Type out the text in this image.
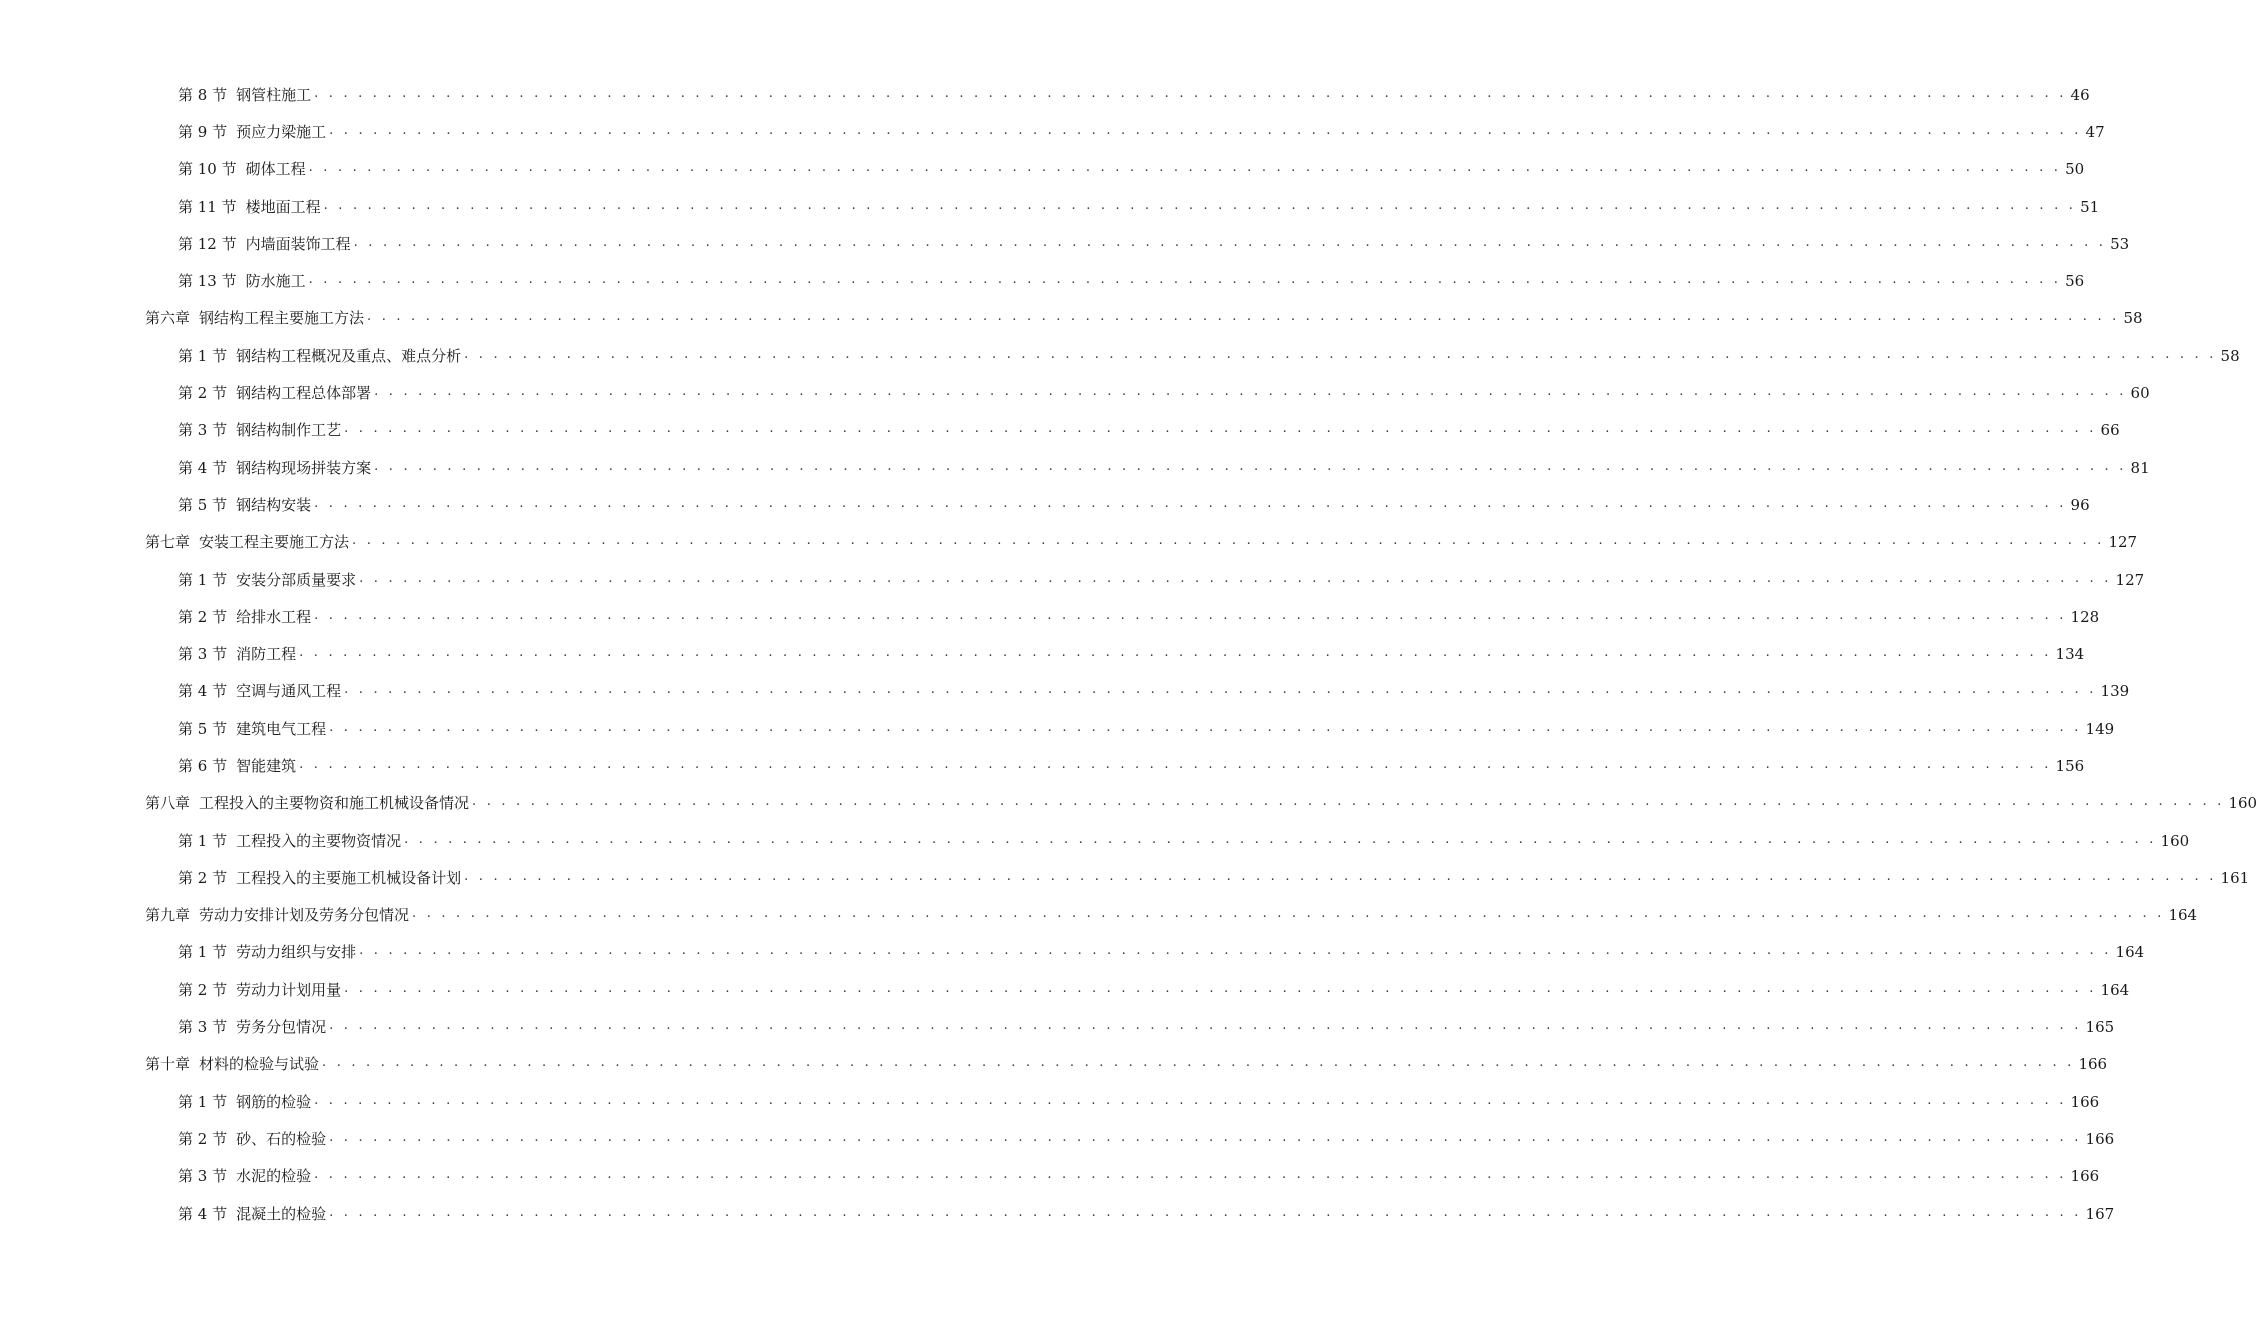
第 8 节 钢管柱施工 . . . . . . . . . . . . . . . . . . . . . . . . . . . . . . . . . . . . . . . . . . . . . . . . . . . . . . . . . . . . . . . . . . . . . . . . . . . . . . . . . . . . . . . . . . . . . . . . . . . . . . . . . . . . . . . . . . . . . . . . 46
第 9 节 预应力梁施工 . . . . . . . . . . . . . . . . . . . . . . . . . . . . . . . . . . . . . . . . . . . . . . . . . . . . . . . . . . . . . . . . . . . . . . . . . . . . . . . . . . . . . . . . . . . . . . . . . . . . . . . . . . . . . . . . . . . . . . . . 47
第 10 节 砌体工程 . . . . . . . . . . . . . . . . . . . . . . . . . . . . . . . . . . . . . . . . . . . . . . . . . . . . . . . . . . . . . . . . . . . . . . . . . . . . . . . . . . . . . . . . . . . . . . . . . . . . . . . . . . . . . . . . . . . . . . . . 50
第 11 节 楼地面工程 . . . . . . . . . . . . . . . . . . . . . . . . . . . . . . . . . . . . . . . . . . . . . . . . . . . . . . . . . . . . . . . . . . . . . . . . . . . . . . . . . . . . . . . . . . . . . . . . . . . . . . . . . . . . . . . . . . . . . . . . 51
第 12 节 内墙面装饰工程 . . . . . . . . . . . . . . . . . . . . . . . . . . . . . . . . . . . . . . . . . . . . . . . . . . . . . . . . . . . . . . . . . . . . . . . . . . . . . . . . . . . . . . . . . . . . . . . . . . . . . . . . . . . . . . . . . . . . . . . . 53
第 13 节 防水施工 . . . . . . . . . . . . . . . . . . . . . . . . . . . . . . . . . . . . . . . . . . . . . . . . . . . . . . . . . . . . . . . . . . . . . . . . . . . . . . . . . . . . . . . . . . . . . . . . . . . . . . . . . . . . . . . . . . . . . . . . 56
第六章 钢结构工程主要施工方法 . . . . . . . . . . . . . . . . . . . . . . . . . . . . . . . . . . . . . . . . . . . . . . . . . . . . . . . . . . . . . . . . . . . . . . . . . . . . . . . . . . . . . . . . . . . . . . . . . . . . . . . . . . . . . . . . . . . . . . . . 58
第 1 节 钢结构工程概况及重点、难点分析 . . . . . . . . . . . . . . . . . . . . . . . . . . . . . . . . . . . . . . . . . . . . . . . . . . . . . . . . . . . . . . . . . . . . . . . . . . . . . . . . . . . . . . . . . . . . . . . . . . . . . . . . . . . . . . . . . . . . . . . . 58
第 2 节 钢结构工程总体部署 . . . . . . . . . . . . . . . . . . . . . . . . . . . . . . . . . . . . . . . . . . . . . . . . . . . . . . . . . . . . . . . . . . . . . . . . . . . . . . . . . . . . . . . . . . . . . . . . . . . . . . . . . . . . . . . . . . . . . . . . 60
第 3 节 钢结构制作工艺 . . . . . . . . . . . . . . . . . . . . . . . . . . . . . . . . . . . . . . . . . . . . . . . . . . . . . . . . . . . . . . . . . . . . . . . . . . . . . . . . . . . . . . . . . . . . . . . . . . . . . . . . . . . . . . . . . . . . . . . . 66
第 4 节 钢结构现场拼装方案 . . . . . . . . . . . . . . . . . . . . . . . . . . . . . . . . . . . . . . . . . . . . . . . . . . . . . . . . . . . . . . . . . . . . . . . . . . . . . . . . . . . . . . . . . . . . . . . . . . . . . . . . . . . . . . . . . . . . . . . . 81
第 5 节 钢结构安装 . . . . . . . . . . . . . . . . . . . . . . . . . . . . . . . . . . . . . . . . . . . . . . . . . . . . . . . . . . . . . . . . . . . . . . . . . . . . . . . . . . . . . . . . . . . . . . . . . . . . . . . . . . . . . . . . . . . . . . . . 96
第七章 安装工程主要施工方法 . . . . . . . . . . . . . . . . . . . . . . . . . . . . . . . . . . . . . . . . . . . . . . . . . . . . . . . . . . . . . . . . . . . . . . . . . . . . . . . . . . . . . . . . . . . . . . . . . . . . . . . . . . . . . . . . . . . . . . . . 127
第 1 节 安装分部质量要求 . . . . . . . . . . . . . . . . . . . . . . . . . . . . . . . . . . . . . . . . . . . . . . . . . . . . . . . . . . . . . . . . . . . . . . . . . . . . . . . . . . . . . . . . . . . . . . . . . . . . . . . . . . . . . . . . . . . . . . . . 127
第 2 节 给排水工程 . . . . . . . . . . . . . . . . . . . . . . . . . . . . . . . . . . . . . . . . . . . . . . . . . . . . . . . . . . . . . . . . . . . . . . . . . . . . . . . . . . . . . . . . . . . . . . . . . . . . . . . . . . . . . . . . . . . . . . . . 128
第 3 节 消防工程 . . . . . . . . . . . . . . . . . . . . . . . . . . . . . . . . . . . . . . . . . . . . . . . . . . . . . . . . . . . . . . . . . . . . . . . . . . . . . . . . . . . . . . . . . . . . . . . . . . . . . . . . . . . . . . . . . . . . . . . . 134
第 4 节 空调与通风工程 . . . . . . . . . . . . . . . . . . . . . . . . . . . . . . . . . . . . . . . . . . . . . . . . . . . . . . . . . . . . . . . . . . . . . . . . . . . . . . . . . . . . . . . . . . . . . . . . . . . . . . . . . . . . . . . . . . . . . . . . 139
第 5 节 建筑电气工程 . . . . . . . . . . . . . . . . . . . . . . . . . . . . . . . . . . . . . . . . . . . . . . . . . . . . . . . . . . . . . . . . . . . . . . . . . . . . . . . . . . . . . . . . . . . . . . . . . . . . . . . . . . . . . . . . . . . . . . . . 149
第 6 节 智能建筑 . . . . . . . . . . . . . . . . . . . . . . . . . . . . . . . . . . . . . . . . . . . . . . . . . . . . . . . . . . . . . . . . . . . . . . . . . . . . . . . . . . . . . . . . . . . . . . . . . . . . . . . . . . . . . . . . . . . . . . . . 156
第八章 工程投入的主要物资和施工机械设备情况 . . . . . . . . . . . . . . . . . . . . . . . . . . . . . . . . . . . . . . . . . . . . . . . . . . . . . . . . . . . . . . . . . . . . . . . . . . . . . . . . . . . . . . . . . . . . . . . . . . . . . . . . . . . . . . . . . . . . . . . . 160
第 1 节 工程投入的主要物资情况 . . . . . . . . . . . . . . . . . . . . . . . . . . . . . . . . . . . . . . . . . . . . . . . . . . . . . . . . . . . . . . . . . . . . . . . . . . . . . . . . . . . . . . . . . . . . . . . . . . . . . . . . . . . . . . . . . . . . . . . . 160
第 2 节 工程投入的主要施工机械设备计划 . . . . . . . . . . . . . . . . . . . . . . . . . . . . . . . . . . . . . . . . . . . . . . . . . . . . . . . . . . . . . . . . . . . . . . . . . . . . . . . . . . . . . . . . . . . . . . . . . . . . . . . . . . . . . . . . . . . . . . . . 161
第九章 劳动力安排计划及劳务分包情况 . . . . . . . . . . . . . . . . . . . . . . . . . . . . . . . . . . . . . . . . . . . . . . . . . . . . . . . . . . . . . . . . . . . . . . . . . . . . . . . . . . . . . . . . . . . . . . . . . . . . . . . . . . . . . . . . . . . . . . . . 164
第 1 节 劳动力组织与安排 . . . . . . . . . . . . . . . . . . . . . . . . . . . . . . . . . . . . . . . . . . . . . . . . . . . . . . . . . . . . . . . . . . . . . . . . . . . . . . . . . . . . . . . . . . . . . . . . . . . . . . . . . . . . . . . . . . . . . . . . 164
第 2 节 劳动力计划用量 . . . . . . . . . . . . . . . . . . . . . . . . . . . . . . . . . . . . . . . . . . . . . . . . . . . . . . . . . . . . . . . . . . . . . . . . . . . . . . . . . . . . . . . . . . . . . . . . . . . . . . . . . . . . . . . . . . . . . . . . 164
第 3 节 劳务分包情况 . . . . . . . . . . . . . . . . . . . . . . . . . . . . . . . . . . . . . . . . . . . . . . . . . . . . . . . . . . . . . . . . . . . . . . . . . . . . . . . . . . . . . . . . . . . . . . . . . . . . . . . . . . . . . . . . . . . . . . . . 165
第十章 材料的检验与试验 . . . . . . . . . . . . . . . . . . . . . . . . . . . . . . . . . . . . . . . . . . . . . . . . . . . . . . . . . . . . . . . . . . . . . . . . . . . . . . . . . . . . . . . . . . . . . . . . . . . . . . . . . . . . . . . . . . . . . . . . 166
第 1 节 钢筋的检验 . . . . . . . . . . . . . . . . . . . . . . . . . . . . . . . . . . . . . . . . . . . . . . . . . . . . . . . . . . . . . . . . . . . . . . . . . . . . . . . . . . . . . . . . . . . . . . . . . . . . . . . . . . . . . . . . . . . . . . . . 166
第 2 节 砂、石的检验 . . . . . . . . . . . . . . . . . . . . . . . . . . . . . . . . . . . . . . . . . . . . . . . . . . . . . . . . . . . . . . . . . . . . . . . . . . . . . . . . . . . . . . . . . . . . . . . . . . . . . . . . . . . . . . . . . . . . . . . . 166
第 3 节 水泥的检验 . . . . . . . . . . . . . . . . . . . . . . . . . . . . . . . . . . . . . . . . . . . . . . . . . . . . . . . . . . . . . . . . . . . . . . . . . . . . . . . . . . . . . . . . . . . . . . . . . . . . . . . . . . . . . . . . . . . . . . . . 166
第 4 节 混凝土的检验 . . . . . . . . . . . . . . . . . . . . . . . . . . . . . . . . . . . . . . . . . . . . . . . . . . . . . . . . . . . . . . . . . . . . . . . . . . . . . . . . . . . . . . . . . . . . . . . . . . . . . . . . . . . . . . . . . . . . . . . . 167
